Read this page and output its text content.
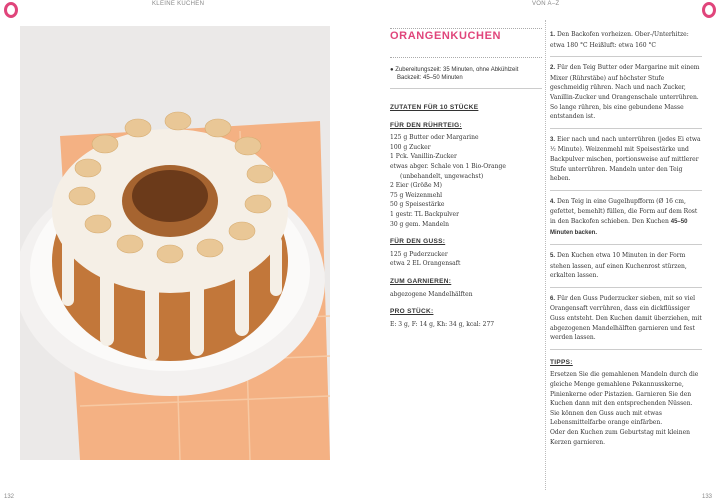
KLEINE KUCHEN	VON A–Z
132	133
ORANGENKUCHEN
● Zubereitungszeit: 35 Minuten, ohne Abkühlzeit
Backzeit: 45–50 Minuten
ZUTATEN FÜR 10 STÜCKE
FÜR DEN RÜHRTEIG:
125 g Butter oder Margarine
100 g Zucker
1 Pck. Vanillin-Zucker
etwas abger. Schale von 1 Bio-Orange
(unbehandelt, ungewachst)
2 Eier (Größe M)
75 g Weizenmehl
50 g Speisestärke
1 gestr. TL Backpulver
30 g gem. Mandeln
FÜR DEN GUSS:
125 g Puderzucker
etwa 2 EL Orangensaft
ZUM GARNIEREN:
abgezogene Mandelhälften
PRO STÜCK:
E: 3 g, F: 14 g, Kh: 34 g, kcal: 277
1. Den Backofen vorheizen. Ober-/Unterhitze: etwa 180 °C Heißluft: etwa 160 °C
2. Für den Teig Butter oder Margarine mit einem Mixer (Rührstäbe) auf höchster Stufe geschmeidig rühren. Nach und nach Zucker, Vanillin-Zucker und Orangenschale unterrühren. So lange rühren, bis eine gebundene Masse entstanden ist.
3. Eier nach und nach unterrühren (jedes Ei etwa ½ Minute). Weizenmehl mit Speisestärke und Backpulver mischen, portionsweise auf mittlerer Stufe unterrühren. Mandeln unter den Teig heben.
4. Den Teig in eine Gugelhupfform (Ø 16 cm, gefettet, bemehlt) füllen, die Form auf dem Rost in den Backofen schieben. Den Kuchen 45–50 Minuten backen.
5. Den Kuchen etwa 10 Minuten in der Form stehen lassen, auf einen Kuchenrost stürzen, erkalten lassen.
6. Für den Guss Puderzucker sieben, mit so viel Orangensaft verrühren, dass ein dickflüssiger Guss entsteht. Den Kuchen damit überziehen, mit abgezogenen Mandelhälften garnieren und fest werden lassen.
TIPPS:
Ersetzen Sie die gemahlenen Mandeln durch die gleiche Menge gemahlene Pekannusskerne, Pinienkerne oder Pistazien. Garnieren Sie den Kuchen dann mit den entsprechenden Nüssen. Sie können den Guss auch mit etwas Lebensmittelfarbe orange einfärben.
Oder den Kuchen zum Geburtstag mit kleinen Kerzen garnieren.
